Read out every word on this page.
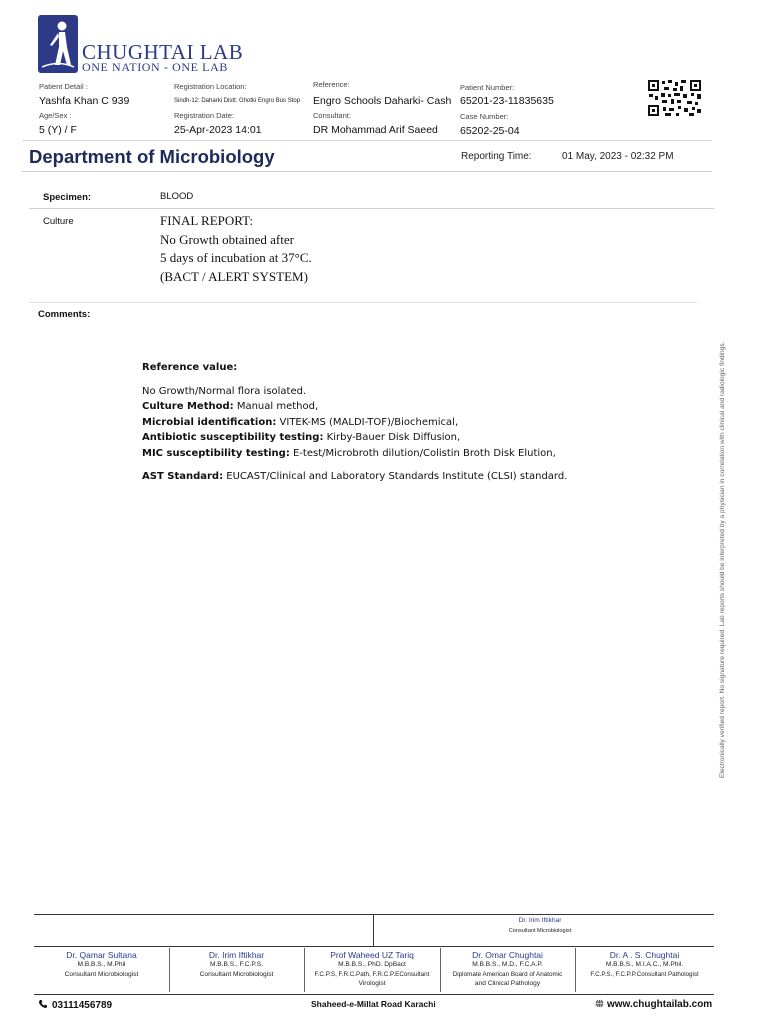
CHUGHTAI LAB
ONE NATION - ONE LAB
Patient Detail :
Yashfa Khan C 939
Age/Sex :
5 (Y) / F
Registration Location:
Sindh-12: Daharki Distt: Ghotki Engro Bus Stop
Registration Date:
25-Apr-2023 14:01
Reference:
Engro Schools Daharki- Cash
Consultant:
DR Mohammad Arif Saeed
Patient Number:
65201-23-11835635
Case Number:
65202-25-04
Department of Microbiology	Reporting Time:	01 May, 2023 - 02:32 PM
Specimen:	BLOOD
Culture	FINAL REPORT:
No Growth obtained after
5 days of incubation at 37°C.
(BACT / ALERT SYSTEM)
Comments:
Reference value:
No Growth/Normal flora isolated.
Culture Method: Manual method,
Microbial identification: VITEK-MS (MALDI-TOF)/Biochemical,
Antibiotic susceptibility testing: Kirby-Bauer Disk Diffusion,
MIC susceptibility testing: E-test/Microbroth dilution/Colistin Broth Disk Elution,
AST Standard: EUCAST/Clinical and Laboratory Standards Institute (CLSI) standard.	Electronically verified report. No signature required. Lab reports should be interpreted by a physician in correlation with clinical and radiologic findings.
Dr. Irim Iftikhar
Consultant Microbiologist
Dr. Qamar Sultana
M.B.B.S., M.Phil
Consultant Microbiologist
Dr. Irim Iftikhar
M.B.B.S., F.C.P.S.
Consultant Microbiologist
Prof Waheed UZ Tariq
M.B.B.S., PhD. DpBact
F.C.P.S, F.R.C.Path, F.R.C.P.EConsultant
Virologist
Dr. Omar Chughtai
M.B.B.S., M.D., F.C.A.P.
Diplomate American Board of Anatomic
and Clinical Pathology
Dr. A . S. Chughtai
M.B.B.S., M.I.A.C., M.Phil.
F.C.P.S., F.C.P.P.Consultant Pathologist
03111456789	Shaheed-e-Millat Road Karachi	www.chughtailab.com
